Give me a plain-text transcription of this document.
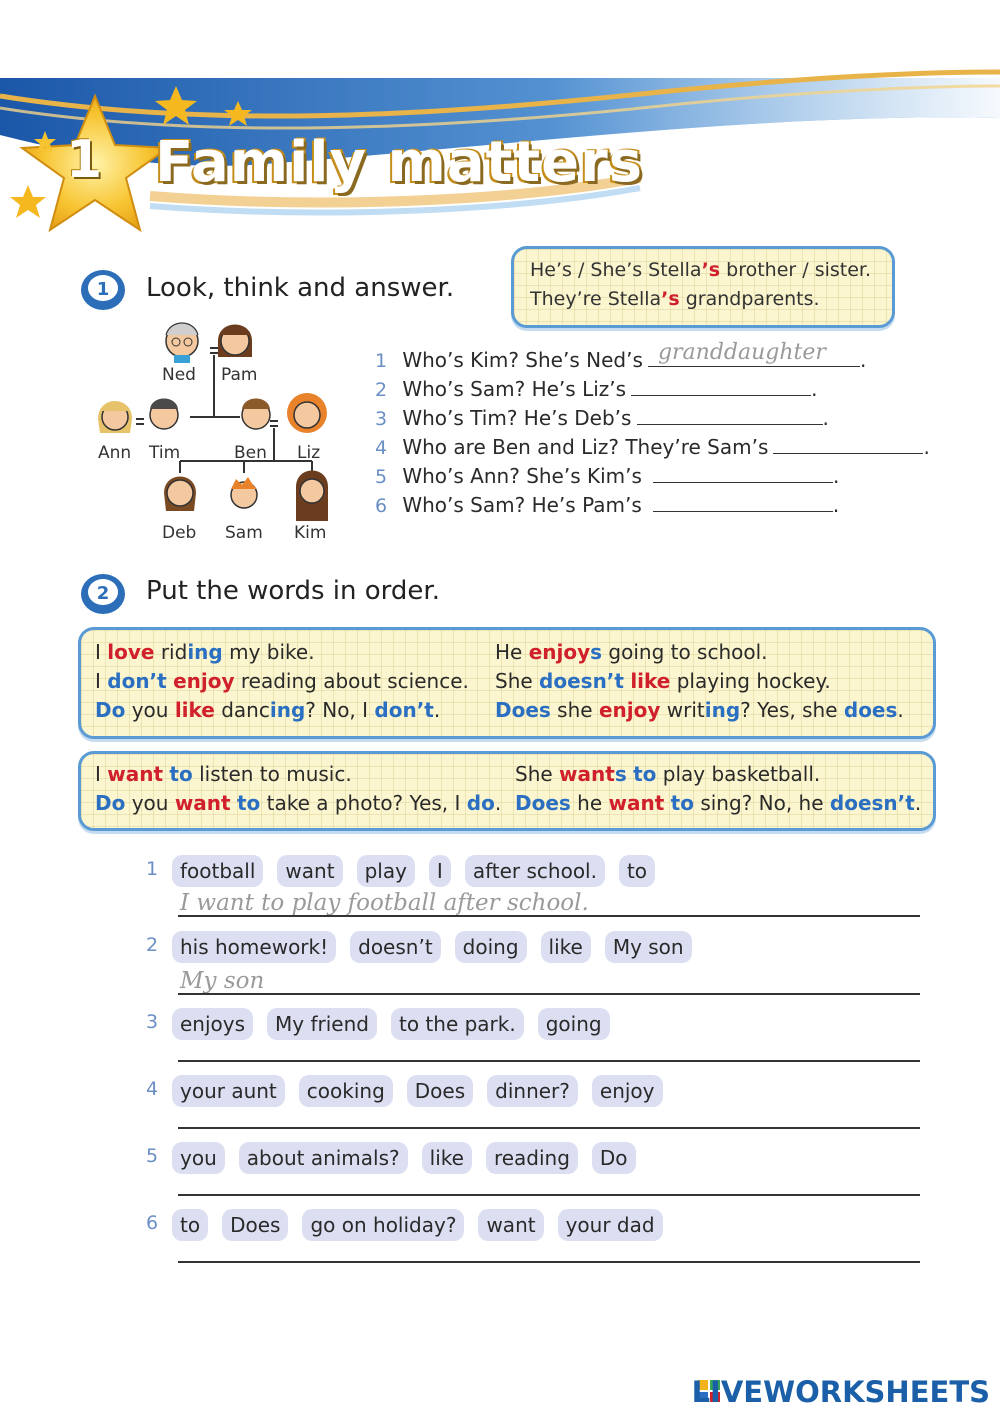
1 Family matters
1 Look, think and answer.
He’s / She’s Stella’s brother / sister.
They’re Stella’s grandparents.
Ned Pam
Ann Tim	Ben Liz
Deb Sam Kim
1 Who’s Kim? She’s Ned’s granddaughter .
2 Who’s Sam? He’s Liz’s	.
3 Who’s Tim? He’s Deb’s	.
4 Who are Ben and Liz? They’re Sam’s	.
5 Who’s Ann? She’s Kim’s	.
6 Who’s Sam? He’s Pam’s	.
2 Put the words in order.
I love riding my bike.
I don’t enjoy reading about science.
Do you like dancing? No, I don’t.
He enjoys going to school.
She doesn’t like playing hockey.
Does she enjoy writing? Yes, she does.
I want to listen to music.
Do you want to take a photo? Yes, I do.
She wants to play basketball.
Does he want to sing? No, he doesn’t.
1	football want play I after school. to
I want to play football after school.
2	his homework! doesn’t doing like My son
My son
3	enjoys My friend to the park. going
4	your aunt cooking Does dinner? enjoy
5	you about animals? like reading Do
6	to Does go on holiday? want your dad
LIVEWORKSHEETS
